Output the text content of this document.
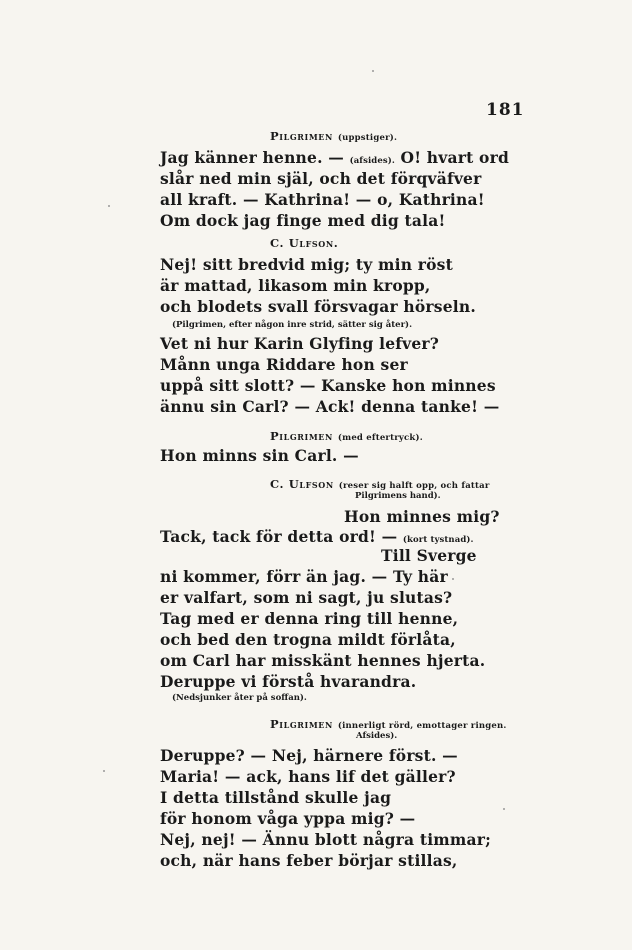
181
Pilgrimen (uppstiger).
Jag känner henne. — (afsides). O! hvart ord
slår ned min själ, och det förqväfver
all kraft. — Kathrina! — o, Kathrina!
Om dock jag finge med dig tala!
C. Ulfson.
Nej! sitt bredvid mig; ty min röst
är mattad, likasom min kropp,
och blodets svall försvagar hörseln.
(Pilgrimen, efter någon inre strid, sätter sig åter).
Vet ni hur Karin Glyfing lefver?
Månn unga Riddare hon ser
uppå sitt slott? — Kanske hon minnes
ännu sin Carl? — Ack! denna tanke! —
Pilgrimen (med eftertryck).
Hon minns sin Carl. —
C. Ulfson (reser sig halft opp, och fattar
Pilgrimens hand).
Hon minnes mig?
Tack, tack för detta ord! — (kort tystnad).
Till Sverge
ni kommer, förr än jag. — Ty här
er valfart, som ni sagt, ju slutas?
Tag med er denna ring till henne,
och bed den trogna mildt förlåta,
om Carl har misskänt hennes hjerta.
Deruppe vi förstå hvarandra.
(Nedsjunker åter på soffan).
Pilgrimen (innerligt rörd, emottager ringen.
Afsides).
Deruppe? — Nej, härnere först. —
Maria! — ack, hans lif det gäller?
I detta tillstånd skulle jag
för honom våga yppa mig? —
Nej, nej! — Ännu blott några timmar;
och, när hans feber börjar stillas,
